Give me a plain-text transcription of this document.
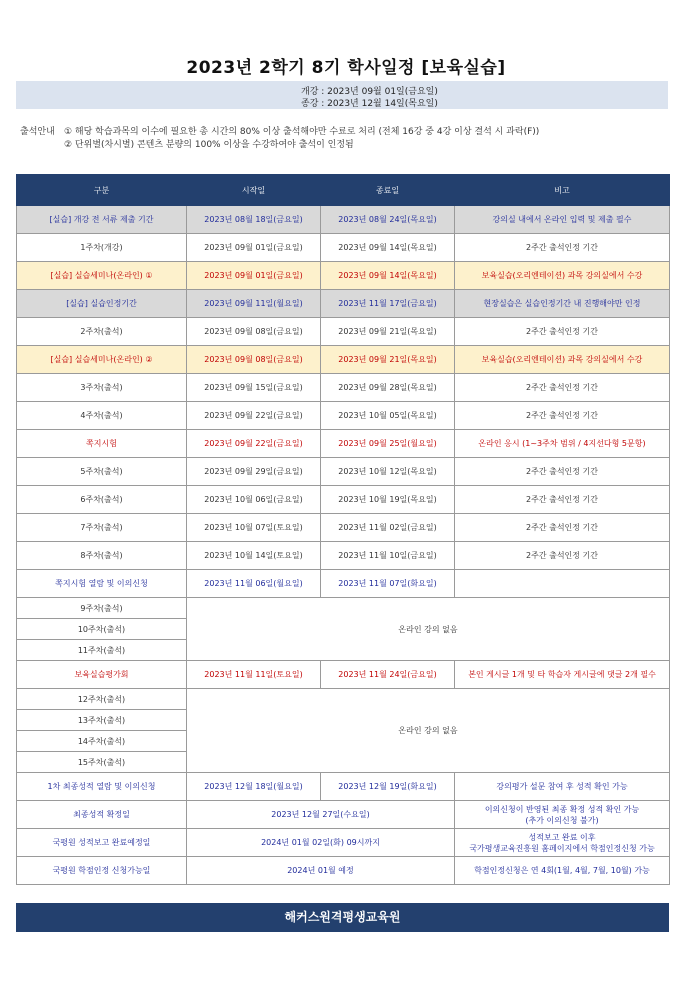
2023년 2학기 8기 학사일정 [보육실습]
개강 : 2023년 09월 01일(금요일)
종강 : 2023년 12월 14일(목요일)
출석안내 ① 해당 학습과목의 이수에 필요한 총 시간의 80% 이상 출석해야만 수료로 처리 (전체 16강 중 4강 이상 결석 시 과락(F))
② 단위별(차시별) 콘텐츠 분량의 100% 이상을 수강하여야 출석이 인정됨
구분	시작일	종료일	비고
[실습] 개강 전 서류 제출 기간	2023년 08월 18일(금요일)	2023년 08월 24일(목요일)	강의실 내에서 온라인 입력 및 제출 필수
1주차(개강)	2023년 09월 01일(금요일)	2023년 09월 14일(목요일)	2주간 출석인정 기간
[실습] 실습세미나(온라인) ①	2023년 09월 01일(금요일)	2023년 09월 14일(목요일)	보육실습(오리엔테이션) 과목 강의실에서 수강
[실습] 실습인정기간	2023년 09월 11일(월요일)	2023년 11월 17일(금요일)	현장실습은 실습인정기간 내 진행해야만 인정
2주차(출석)	2023년 09월 08일(금요일)	2023년 09월 21일(목요일)	2주간 출석인정 기간
[실습] 실습세미나(온라인) ②	2023년 09월 08일(금요일)	2023년 09월 21일(목요일)	보육실습(오리엔테이션) 과목 강의실에서 수강
3주차(출석)	2023년 09월 15일(금요일)	2023년 09월 28일(목요일)	2주간 출석인정 기간
4주차(출석)	2023년 09월 22일(금요일)	2023년 10월 05일(목요일)	2주간 출석인정 기간
쪽지시험	2023년 09월 22일(금요일)	2023년 09월 25일(월요일)	온라인 응시 (1~3주차 범위 / 4지선다형 5문항)
5주차(출석)	2023년 09월 29일(금요일)	2023년 10월 12일(목요일)	2주간 출석인정 기간
6주차(출석)	2023년 10월 06일(금요일)	2023년 10월 19일(목요일)	2주간 출석인정 기간
7주차(출석)	2023년 10월 07일(토요일)	2023년 11월 02일(금요일)	2주간 출석인정 기간
8주차(출석)	2023년 10월 14일(토요일)	2023년 11월 10일(금요일)	2주간 출석인정 기간
쪽지시험 열람 및 이의신청	2023년 11월 06일(월요일)	2023년 11월 07일(화요일)	
9주차(출석)	온라인 강의 없음		
10주차(출석)			
11주차(출석)			
보육실습평가회	2023년 11월 11일(토요일)	2023년 11월 24일(금요일)	본인 게시글 1개 및 타 학습자 게시글에 댓글 2개 필수
12주차(출석)	온라인 강의 없음		
13주차(출석)			
14주차(출석)			
15주차(출석)			
1차 최종성적 열람 및 이의신청	2023년 12월 18일(월요일)	2023년 12월 19일(화요일)	강의평가 설문 참여 후 성적 확인 가능
최종성적 확정일	2023년 12월 27일(수요일)		이의신청이 반영된 최종 확정 성적 확인 가능
(추가 이의신청 불가)

국평원 성적보고 완료예정일	2024년 01월 02일(화) 09시까지		성적보고 완료 이후
국가평생교육진흥원 홈페이지에서 학점인정신청 가능

국평원 학점인정 신청가능일	2024년 01월 예정		학점인정신청은 연 4회(1월, 4월, 7월, 10월) 가능
해커스원격평생교육원
